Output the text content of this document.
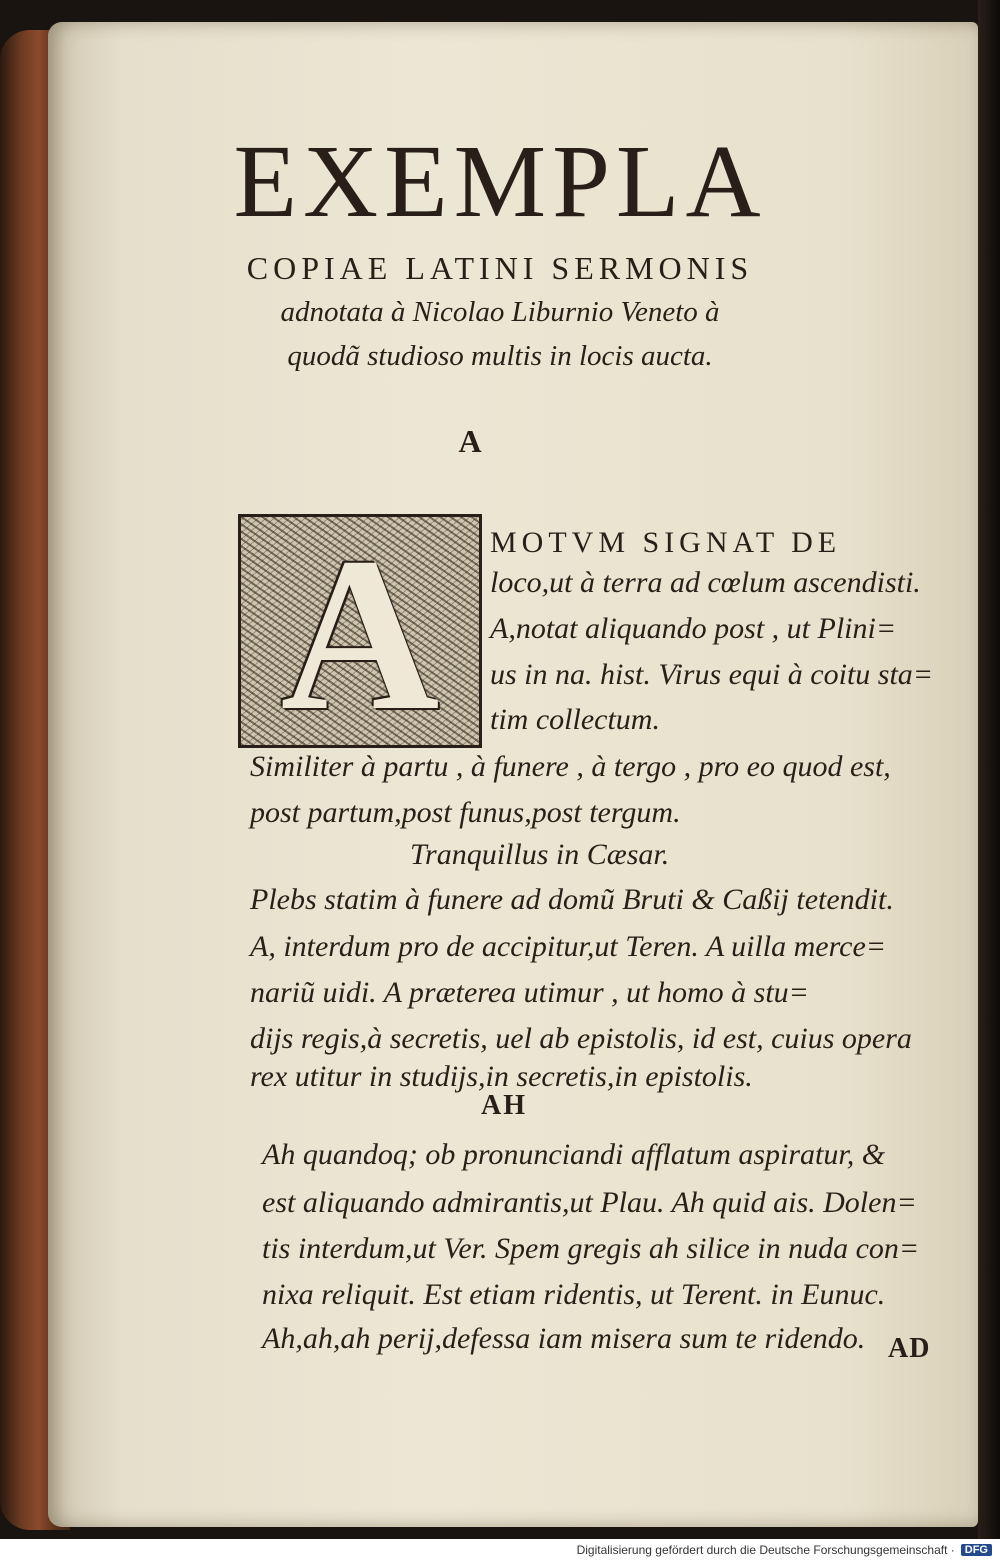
EXEMPLA
COPIAE LATINI SERMONIS
adnotata à Nicolao Liburnio Veneto à
quodã studioso multis in locis aucta.
A
A	MOTVM SIGNAT DE
loco,ut à terra ad cœlum ascendisti.
A,notat aliquando post , ut Plini=
us in na. hist. Virus equi à coitu sta=
tim collectum.
Similiter à partu , à funere , à tergo , pro eo quod est,
post partum,post funus,post tergum.
Tranquillus in Cæsar.
Plebs statim à funere ad domũ Bruti & Caßij tetendit.
A, interdum pro de accipitur,ut Teren. A uilla merce=
nariũ uidi. A præterea utimur , ut homo à stu=
dijs regis,à secretis, uel ab epistolis, id est, cuius opera
rex utitur in studijs,in secretis,in epistolis.
AH
Ah quandoq; ob pronunciandi afflatum aspiratur, &
est aliquando admirantis,ut Plau. Ah quid ais. Dolen=
tis interdum,ut Ver. Spem gregis ah silice in nuda con=
nixa reliquit. Est etiam ridentis, ut Terent. in Eunuc.
Ah,ah,ah perij,defessa iam misera sum te ridendo. AD
Digitalisierung gefördert durch die Deutsche Forschungsgemeinschaft · DFG
